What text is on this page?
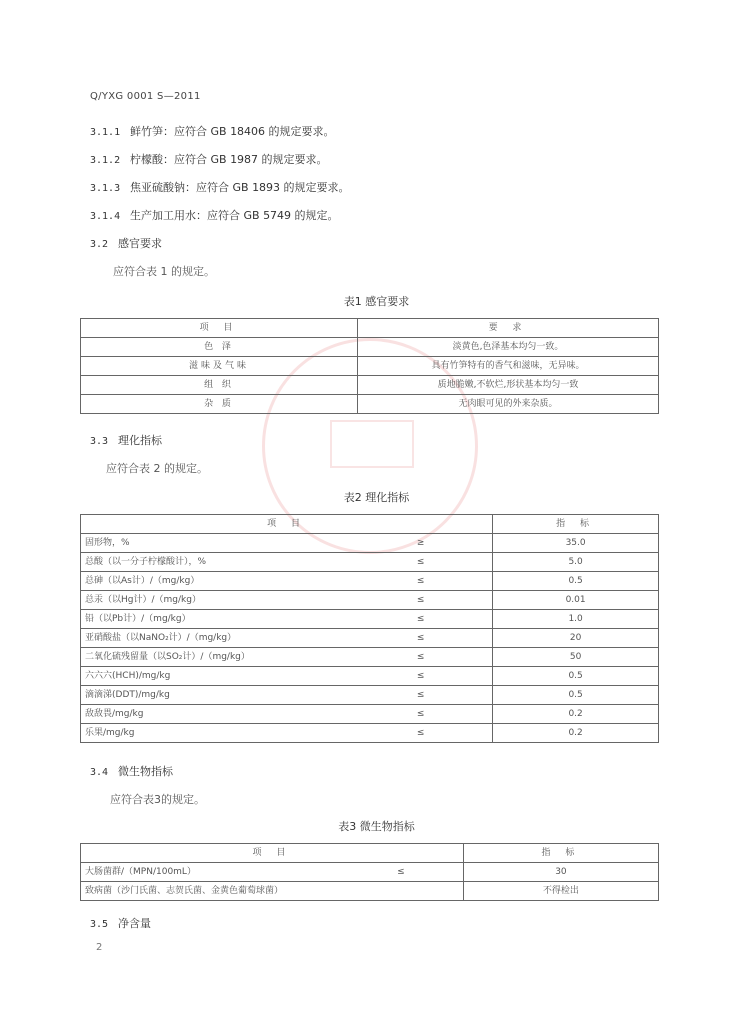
Q/YXG 0001 S—2011
3.1.1 鲜竹笋：应符合 GB 18406 的规定要求。
3.1.2 柠檬酸：应符合 GB 1987 的规定要求。
3.1.3 焦亚硫酸钠：应符合 GB 1893 的规定要求。
3.1.4 生产加工用水：应符合 GB 5749 的规定。
3.2 感官要求
应符合表 1 的规定。
表1 感官要求
项 目	要 求
色 泽	淡黄色,色泽基本均匀一致。
滋味及气味	具有竹笋特有的香气和滋味，无异味。
组 织	质地脆嫩,不软烂,形状基本均匀一致
杂 质	无肉眼可见的外来杂质。
3.3 理化指标
应符合表 2 的规定。
表2 理化指标
项 目		指 标
固形物，%	≥	35.0
总酸（以一分子柠檬酸计），%	≤	5.0
总砷（以As计）/（mg/kg）	≤	0.5
总汞（以Hg计）/（mg/kg）	≤	0.01
铅（以Pb计）/（mg/kg）	≤	1.0
亚硝酸盐（以NaNO₂计）/（mg/kg）	≤	20
二氧化硫残留量（以SO₂计）/（mg/kg）	≤	50
六六六(HCH)/mg/kg	≤	0.5
滴滴涕(DDT)/mg/kg	≤	0.5
敌敌畏/mg/kg	≤	0.2
乐果/mg/kg	≤	0.2
3.4 微生物指标
应符合表3的规定。
表3 微生物指标
项 目		指 标
大肠菌群/（MPN/100mL）	≤	30
致病菌（沙门氏菌、志贺氏菌、金黄色葡萄球菌）		不得检出
3.5 净含量
2
